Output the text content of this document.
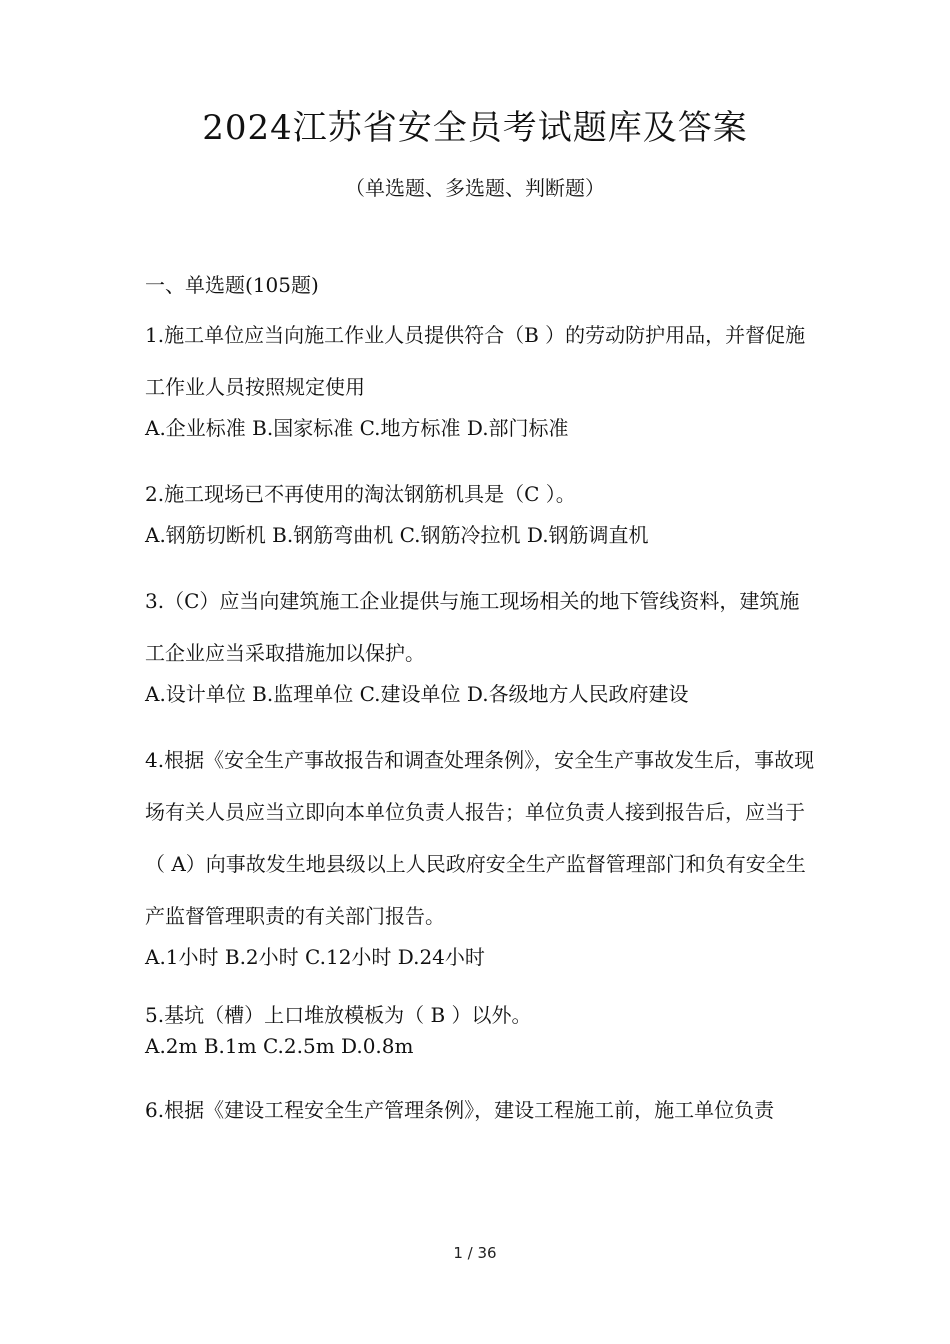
2024江苏省安全员考试题库及答案
（单选题、多选题、判断题）
一、单选题(105题)

1.施工单位应当向施工作业人员提供符合（B ）的劳动防护用品，并督促施工作业人员按照规定使用

A.企业标准 B.国家标准 C.地方标准 D.部门标准

2.施工现场已不再使用的淘汰钢筋机具是（C ）。

A.钢筋切断机 B.钢筋弯曲机 C.钢筋冷拉机 D.钢筋调直机

3.（C）应当向建筑施工企业提供与施工现场相关的地下管线资料，建筑施工企业应当采取措施加以保护。

A.设计单位 B.监理单位 C.建设单位 D.各级地方人民政府建设

4.根据《安全生产事故报告和调查处理条例》，安全生产事故发生后，事故现场有关人员应当立即向本单位负责人报告；单位负责人接到报告后，应当于（ A）向事故发生地县级以上人民政府安全生产监督管理部门和负有安全生产监督管理职责的有关部门报告。

A.1小时 B.2小时 C.12小时 D.24小时

5.基坑（槽）上口堆放模板为（ B ）以外。

A.2m B.1m C.2.5m D.0.8m

6.根据《建设工程安全生产管理条例》，建设工程施工前，施工单位负责

1 / 36
